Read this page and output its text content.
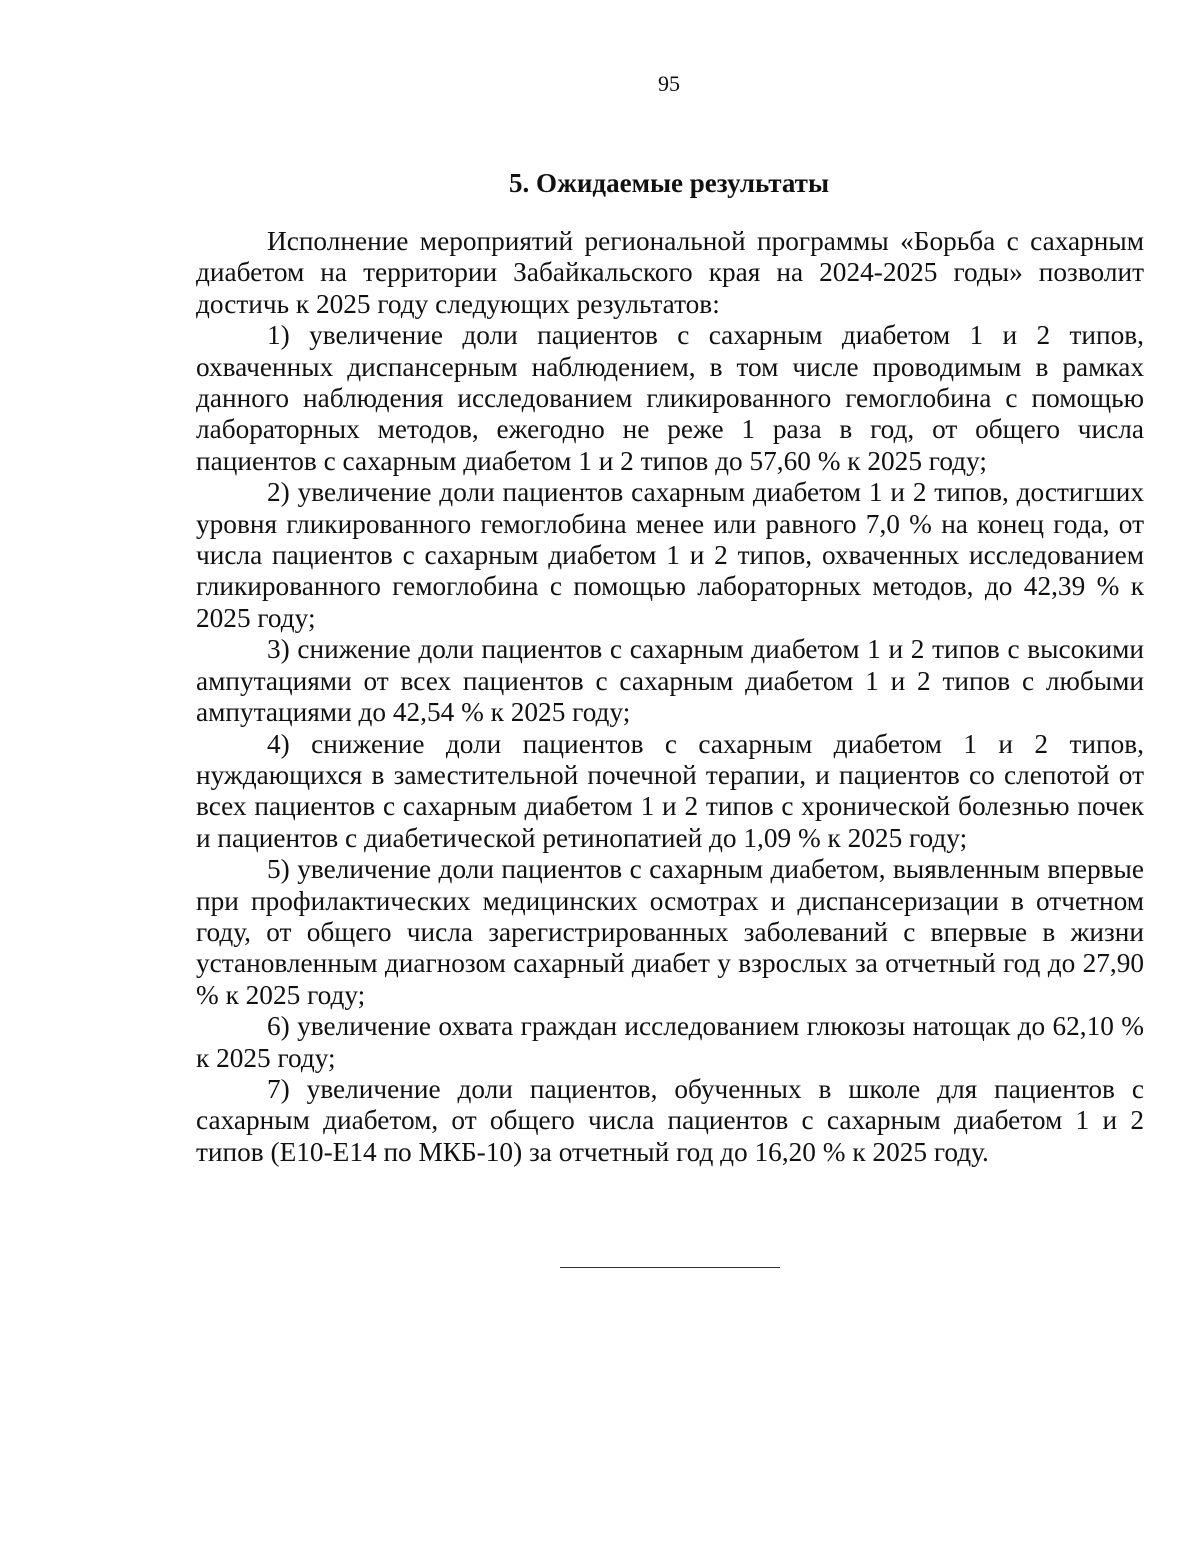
95
5. Ожидаемые результаты

Исполнение мероприятий региональной программы «Борьба с сахарным диабетом на территории Забайкальского края на 2024-2025 годы» позволит достичь к 2025 году следующих результатов:

1) увеличение доли пациентов с сахарным диабетом 1 и 2 типов, охваченных диспансерным наблюдением, в том числе проводимым в рамках данного наблюдения исследованием гликированного гемоглобина с помощью лабораторных методов, ежегодно не реже 1 раза в год, от общего числа пациентов с сахарным диабетом 1 и 2 типов до 57,60 % к 2025 году;

2) увеличение доли пациентов сахарным диабетом 1 и 2 типов, достигших уровня гликированного гемоглобина менее или равного 7,0 % на конец года, от числа пациентов с сахарным диабетом 1 и 2 типов, охваченных исследованием гликированного гемоглобина с помощью лабораторных методов, до 42,39 % к 2025 году;

3) снижение доли пациентов с сахарным диабетом 1 и 2 типов с высокими ампутациями от всех пациентов с сахарным диабетом 1 и 2 типов с любыми ампутациями до 42,54 % к 2025 году;

4) снижение доли пациентов с сахарным диабетом 1 и 2 типов, нуждающихся в заместительной почечной терапии, и пациентов со слепотой от всех пациентов с сахарным диабетом 1 и 2 типов с хронической болезнью почек и пациентов с диабетической ретинопатией до 1,09 % к 2025 году;

5) увеличение доли пациентов с сахарным диабетом, выявленным впервые при профилактических медицинских осмотрах и диспансеризации в отчетном году, от общего числа зарегистрированных заболеваний с впервые в жизни установленным диагнозом сахарный диабет у взрослых за отчетный год до 27,90 % к 2025 году;

6) увеличение охвата граждан исследованием глюкозы натощак до 62,10 % к 2025 году;

7) увеличение доли пациентов, обученных в школе для пациентов с сахарным диабетом, от общего числа пациентов с сахарным диабетом 1 и 2 типов (Е10-Е14 по МКБ-10) за отчетный год до 16,20 % к 2025 году.
